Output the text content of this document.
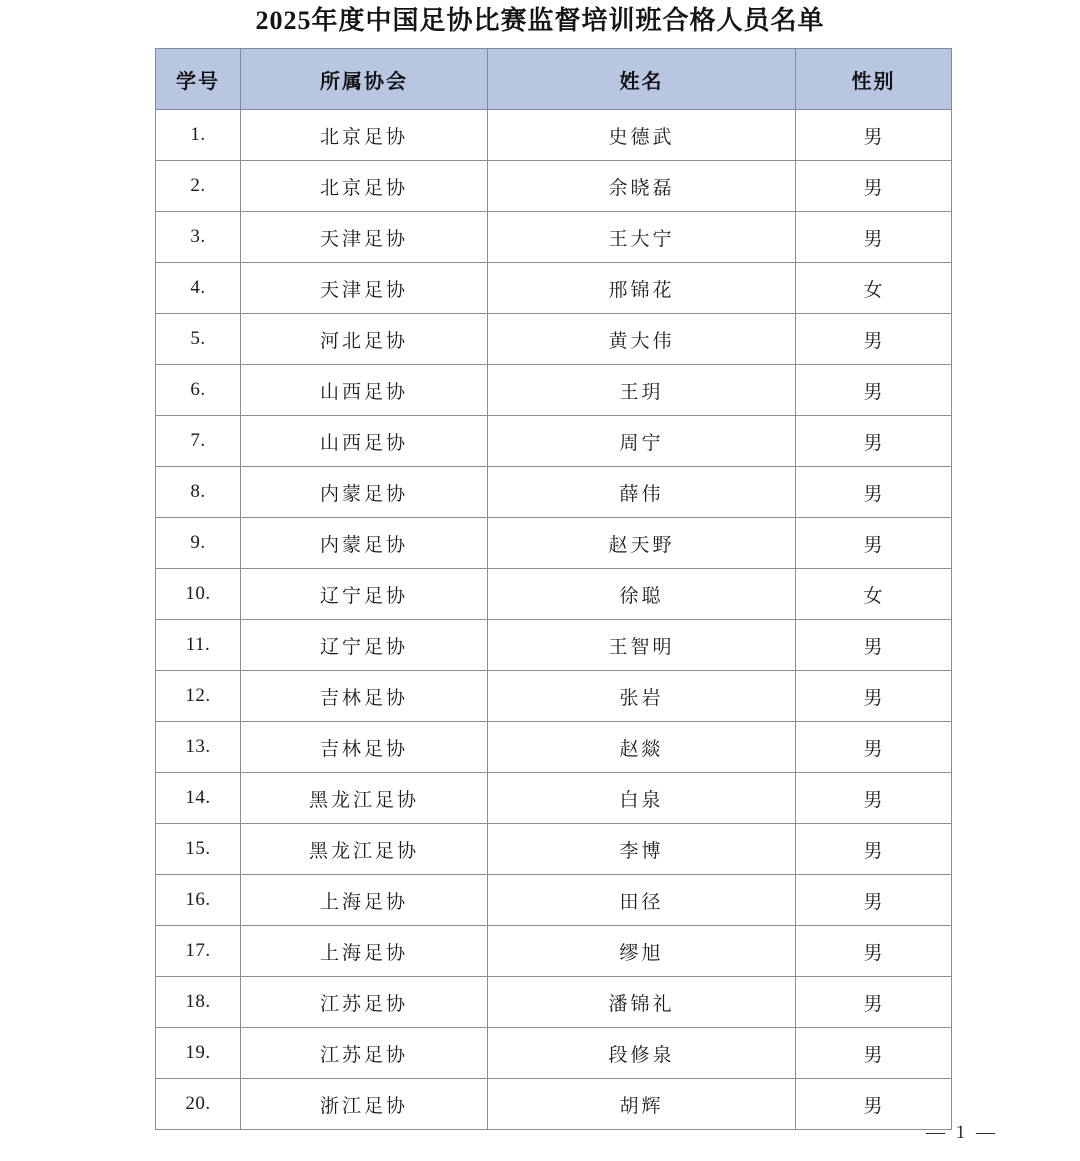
2025年度中国足协比赛监督培训班合格人员名单
学号	所属协会	姓名	性别
1.	北京足协	史德武	男
2.	北京足协	余晓磊	男
3.	天津足协	王大宁	男
4.	天津足协	邢锦花	女
5.	河北足协	黄大伟	男
6.	山西足协	王玥	男
7.	山西足协	周宁	男
8.	内蒙足协	薛伟	男
9.	内蒙足协	赵天野	男
10.	辽宁足协	徐聪	女
11.	辽宁足协	王智明	男
12.	吉林足协	张岩	男
13.	吉林足协	赵燚	男
14.	黑龙江足协	白泉	男
15.	黑龙江足协	李博	男
16.	上海足协	田径	男
17.	上海足协	缪旭	男
18.	江苏足协	潘锦礼	男
19.	江苏足协	段修泉	男
20.	浙江足协	胡辉	男
— 1 —
